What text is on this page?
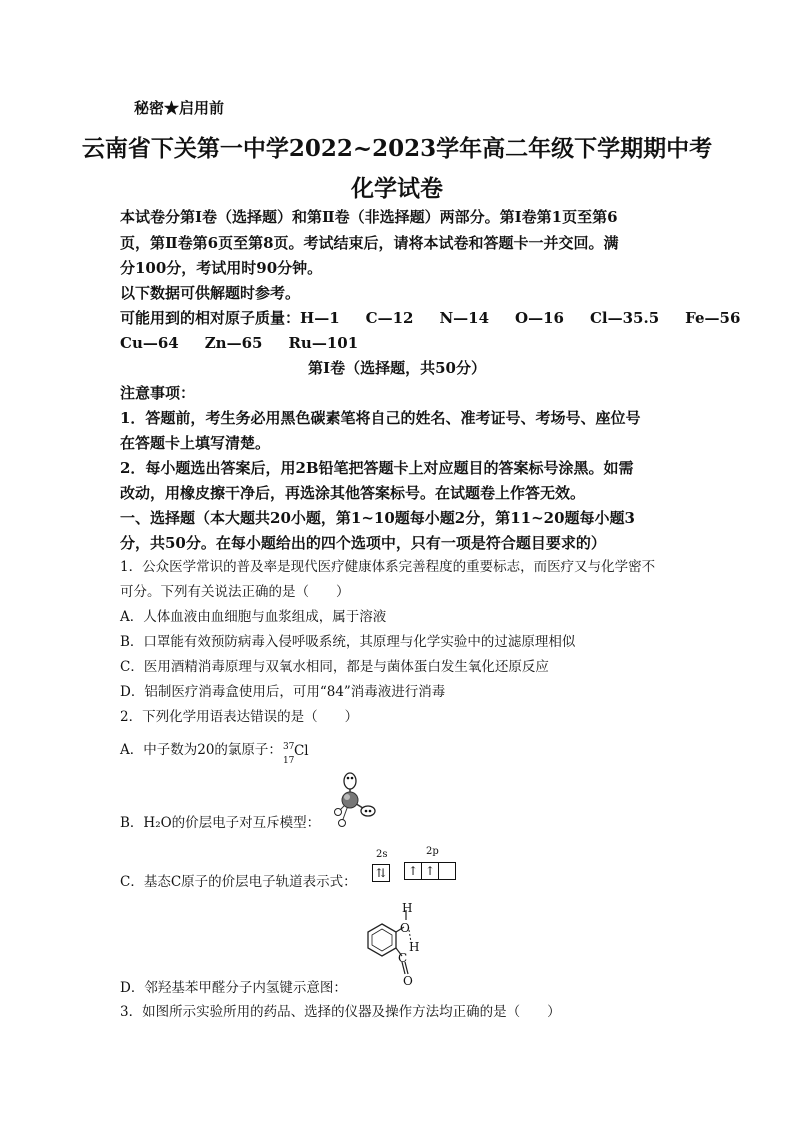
秘密★启用前
云南省下关第一中学2022~2023学年高二年级下学期期中考
化学试卷
本试卷分第Ⅰ卷（选择题）和第Ⅱ卷（非选择题）两部分。第Ⅰ卷第1页至第6
页，第Ⅱ卷第6页至第8页。考试结束后，请将本试卷和答题卡一并交回。满
分100分，考试用时90分钟。
以下数据可供解题时参考。
可能用到的相对原子质量：H—1 C—12 N—14 O—16 Cl—35.5 Fe—56
Cu—64 Zn—65 Ru—101
第Ⅰ卷（选择题，共50分）
注意事项：
1．答题前，考生务必用黑色碳素笔将自己的姓名、准考证号、考场号、座位号
在答题卡上填写清楚。
2．每小题选出答案后，用2B铅笔把答题卡上对应题目的答案标号涂黑。如需
改动，用橡皮擦干净后，再选涂其他答案标号。在试题卷上作答无效。
一、选择题（本大题共20小题，第1~10题每小题2分，第11~20题每小题3
分，共50分。在每小题给出的四个选项中，只有一项是符合题目要求的）
1．公众医学常识的普及率是现代医疗健康体系完善程度的重要标志，而医疗又与化学密不
可分。下列有关说法正确的是（　　）
A．人体血液由血细胞与血浆组成，属于溶液
B．口罩能有效预防病毒入侵呼吸系统，其原理与化学实验中的过滤原理相似
C．医用酒精消毒原理与双氧水相同，都是与菌体蛋白发生氧化还原反应
D．铝制医疗消毒盒使用后，可用“84”消毒液进行消毒
2．下列化学用语表达错误的是（　　）
A．中子数为20的氯原子： 37
17
Cl
B．H₂O的价层电子对互斥模型：
C．基态C原子的价层电子轨道表示式：
2s	2p
⇅	↑ ↑
D．邻羟基苯甲醛分子内氢键示意图：
H
O
H
C
O
3．如图所示实验所用的药品、选择的仪器及操作方法均正确的是（　　）
